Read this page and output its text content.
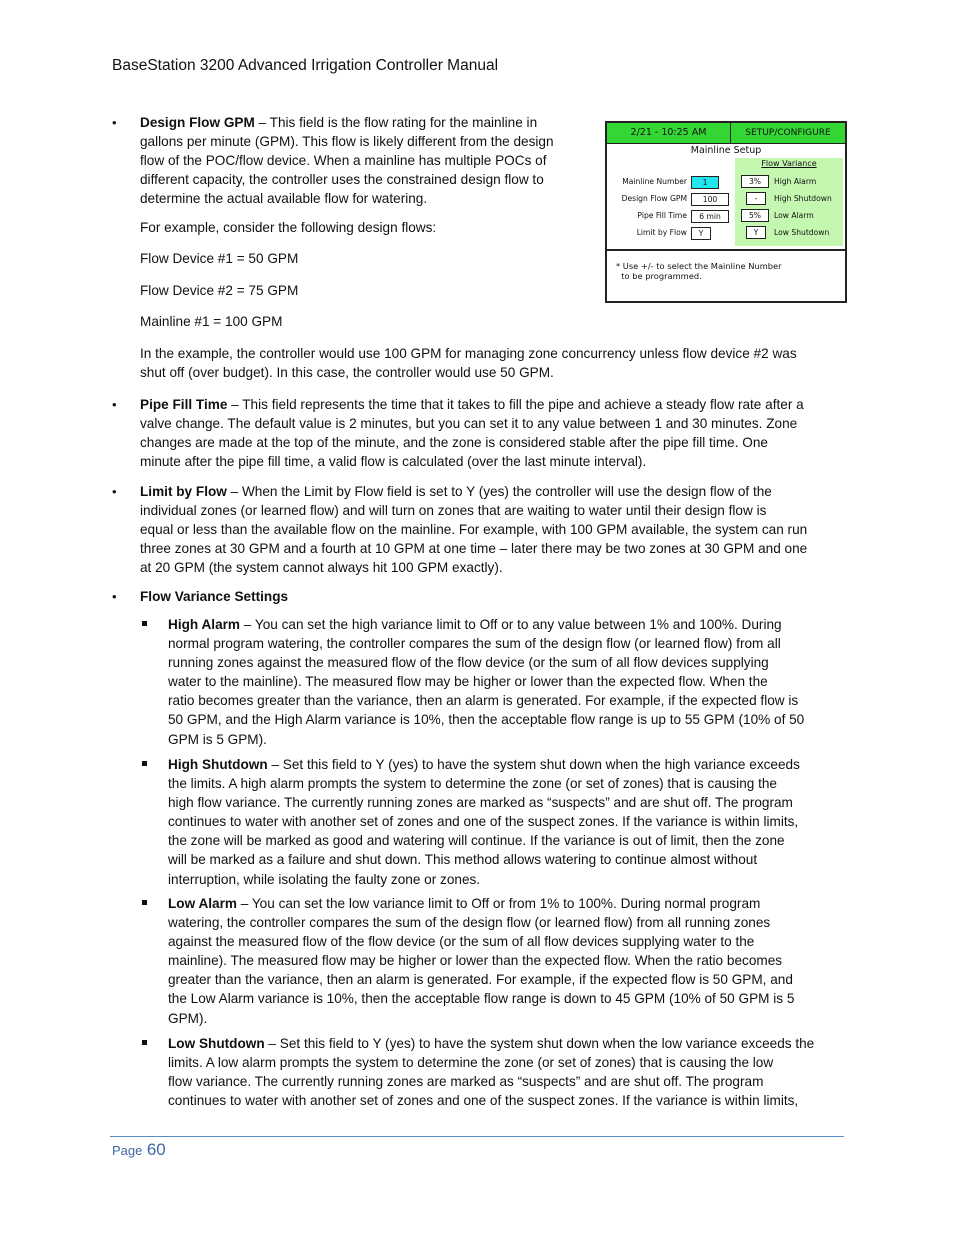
BaseStation 3200 Advanced Irrigation Controller Manual
• Design Flow GPM – This field is the flow rating for the mainline in
gallons per minute (GPM). This flow is likely different from the design
flow of the POC/flow device. When a mainline has multiple POCs of
different capacity, the controller uses the constrained design flow to
determine the actual available flow for watering.
For example, consider the following design flows:
Flow Device #1 = 50 GPM
Flow Device #2 = 75 GPM
Mainline #1 = 100 GPM
In the example, the controller would use 100 GPM for managing zone concurrency unless flow device #2 was
shut off (over budget). In this case, the controller would use 50 GPM.
2/21 - 10:25 AM	SETUP/CONFIGURE
Mainline Setup
Mainline Number	1
Design Flow GPM	100
Pipe Fill Time	6 min
Limit by Flow	Y
Flow Variance
3%	High Alarm
-	High Shutdown
5%	Low Alarm
Y	Low Shutdown
* Use +/- to select the Mainline Number
to be programmed.
• Pipe Fill Time – This field represents the time that it takes to fill the pipe and achieve a steady flow rate after a
valve change. The default value is 2 minutes, but you can set it to any value between 1 and 30 minutes. Zone
changes are made at the top of the minute, and the zone is considered stable after the pipe fill time. One
minute after the pipe fill time, a valid flow is calculated (over the last minute interval).
• Limit by Flow – When the Limit by Flow field is set to Y (yes) the controller will use the design flow of the
individual zones (or learned flow) and will turn on zones that are waiting to water until their design flow is
equal or less than the available flow on the mainline. For example, with 100 GPM available, the system can run
three zones at 30 GPM and a fourth at 10 GPM at one time – later there may be two zones at 30 GPM and one
at 20 GPM (the system cannot always hit 100 GPM exactly).
• Flow Variance Settings
High Alarm – You can set the high variance limit to Off or to any value between 1% and 100%. During
normal program watering, the controller compares the sum of the design flow (or learned flow) from all
running zones against the measured flow of the flow device (or the sum of all flow devices supplying
water to the mainline). The measured flow may be higher or lower than the expected flow. When the
ratio becomes greater than the variance, then an alarm is generated. For example, if the expected flow is
50 GPM, and the High Alarm variance is 10%, then the acceptable flow range is up to 55 GPM (10% of 50
GPM is 5 GPM).
High Shutdown – Set this field to Y (yes) to have the system shut down when the high variance exceeds
the limits. A high alarm prompts the system to determine the zone (or set of zones) that is causing the
high flow variance. The currently running zones are marked as “suspects” and are shut off. The program
continues to water with another set of zones and one of the suspect zones. If the variance is within limits,
the zone will be marked as good and watering will continue. If the variance is out of limit, then the zone
will be marked as a failure and shut down. This method allows watering to continue almost without
interruption, while isolating the faulty zone or zones.
Low Alarm – You can set the low variance limit to Off or from 1% to 100%. During normal program
watering, the controller compares the sum of the design flow (or learned flow) from all running zones
against the measured flow of the flow device (or the sum of all flow devices supplying water to the
mainline). The measured flow may be higher or lower than the expected flow. When the ratio becomes
greater than the variance, then an alarm is generated. For example, if the expected flow is 50 GPM, and
the Low Alarm variance is 10%, then the acceptable flow range is down to 45 GPM (10% of 50 GPM is 5
GPM).
Low Shutdown – Set this field to Y (yes) to have the system shut down when the low variance exceeds the
limits. A low alarm prompts the system to determine the zone (or set of zones) that is causing the low
flow variance. The currently running zones are marked as “suspects” and are shut off. The program
continues to water with another set of zones and one of the suspect zones. If the variance is within limits,
Page 60
